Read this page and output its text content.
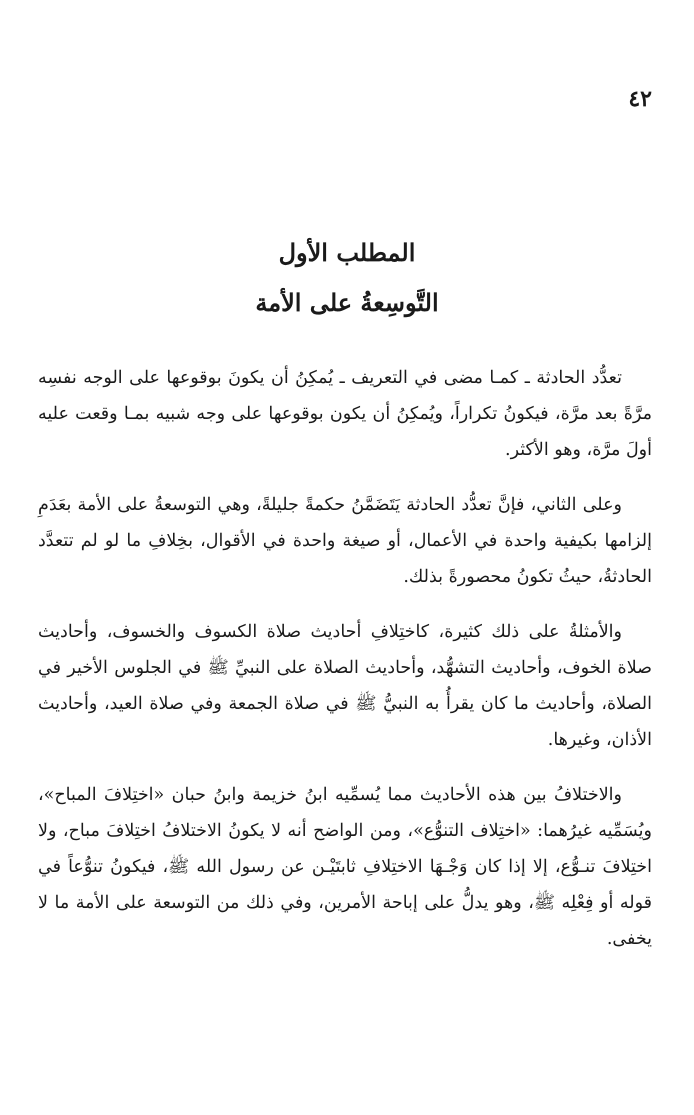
٤٢
المطلب الأول
التَّوسِعةُ على الأمة

تعدُّد الحادثة ـ كمـا مضى في التعريف ـ يُمكِنُ أن يكونَ بوقوعها على الوجه نفسِه مرَّةً بعد مرَّة، فيكونُ تكراراً، ويُمكِنُ أن يكون بوقوعها على وجه شبيه بمـا وقعت عليه أولَ مرَّة، وهو الأكثر.

وعلى الثاني، فإنَّ تعدُّد الحادثة يَتَضَمَّنُ حكمةً جليلةً، وهي التوسعةُ على الأمة بعَدَمِ إلزامها بكيفية واحدة في الأعمال، أو صيغة واحدة في الأقوال، بخِلافِ ما لو لم تتعدَّد الحادثةُ، حيثُ تكونُ محصورةً بذلك.

والأمثلةُ على ذلك كثيرة، كاختِلافِ أحاديث صلاة الكسوف والخسوف، وأحاديث صلاة الخوف، وأحاديث التشهُّد، وأحاديث الصلاة على النبيِّ ﷺ في الجلوس الأخير في الصلاة، وأحاديث ما كان يقرأُ به النبيُّ ﷺ في صلاة الجمعة وفي صلاة العيد، وأحاديث الأذان، وغيرها.

والاختلافُ بين هذه الأحاديث مما يُسمِّيه ابنُ خزيمة وابنُ حبان «اختِلافَ المباح»، ويُسَمِّيه غيرُهما: «اختِلاف التنوُّع»، ومن الواضح أنه لا يكونُ الاختلافُ اختِلافَ مباح، ولا اختِلافَ تنـوُّع، إلا إذا كان وَجْـهَا الاختِلافِ ثابتَيْـن عن رسول الله ﷺ، فيكونُ تنوُّعاً في قوله أو فِعْلِه ﷺ، وهو يدلُّ على إباحة الأمرين، وفي ذلك من التوسعة على الأمة ما لا يخفى.
